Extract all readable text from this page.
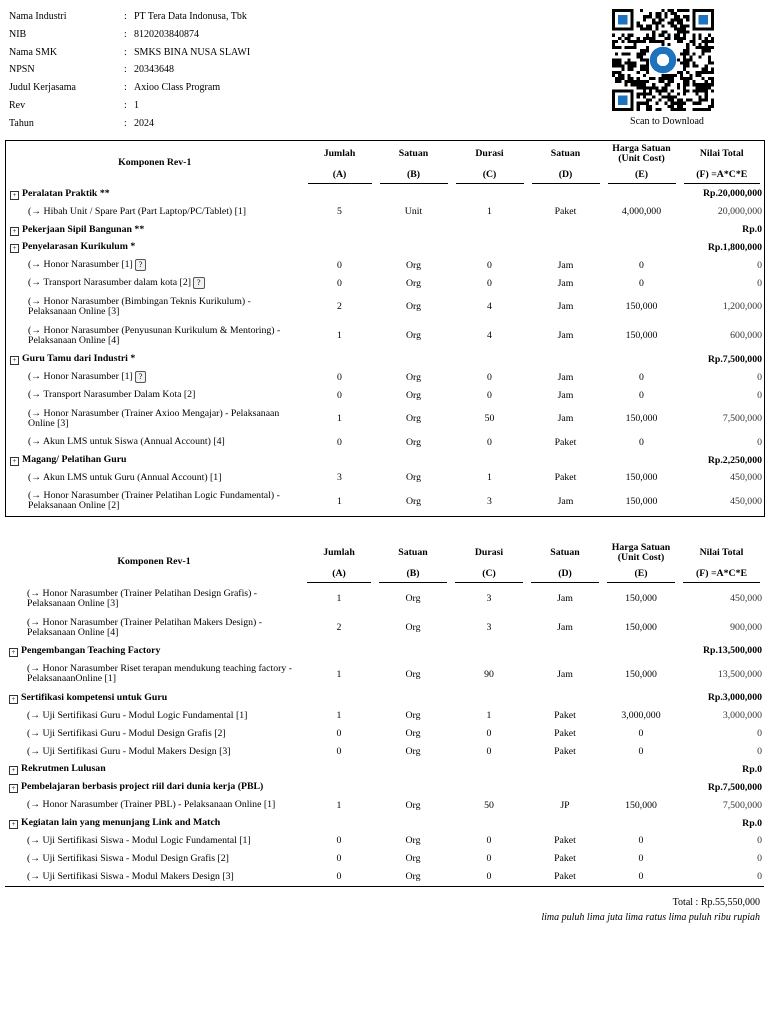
Nama Industri	: PT Tera Data Indonusa, Tbk
NIB	: 8120203840874
Nama SMK	: SMKS BINA NUSA SLAWI
NPSN	: 20343648
Judul Kerjasama	: Axioo Class Program
Rev	: 1
Tahun	: 2024	Scan to Download
Komponen Rev-1	Jumlah	Satuan	Durasi	Satuan	Harga Satuan
(Unit Cost)	Nilai Total

	(A)	(B)	(C)	(D)	(E)	(F) =A*C*E

+ Peralatan Praktik **						Rp.20,000,000
(→ Hibah Unit / Spare Part (Part Laptop/PC/Tablet) [1]	5	Unit	1	Paket	4,000,000	20,000,000
+ Pekerjaan Sipil Bangunan **						Rp.0
+ Penyelarasan Kurikulum *						Rp.1,800,000
(→ Honor Narasumber [1] ?	0	Org	0	Jam	0	0
(→ Transport Narasumber dalam kota [2] ?	0	Org	0	Jam	0	0
(→ Honor Narasumber (Bimbingan Teknis Kurikulum) - Pelaksanaan Online [3]	2	Org	4	Jam	150,000	1,200,000
(→ Honor Narasumber (Penyusunan Kurikulum & Mentoring) - Pelaksanaan Online [4]	1	Org	4	Jam	150,000	600,000
+ Guru Tamu dari Industri *						Rp.7,500,000
(→ Honor Narasumber [1] ?	0	Org	0	Jam	0	0
(→ Transport Narasumber Dalam Kota [2]	0	Org	0	Jam	0	0
(→ Honor Narasumber (Trainer Axioo Mengajar) - Pelaksanaan Online [3]	1	Org	50	Jam	150,000	7,500,000
(→ Akun LMS untuk Siswa (Annual Account) [4]	0	Org	0	Paket	0	0
+ Magang/ Pelatihan Guru						Rp.2,250,000
(→ Akun LMS untuk Guru (Annual Account) [1]	3	Org	1	Paket	150,000	450,000
(→ Honor Narasumber (Trainer Pelatihan Logic Fundamental) - Pelaksanaan Online [2]	1	Org	3	Jam	150,000	450,000
Komponen Rev-1	Jumlah	Satuan	Durasi	Satuan	Harga Satuan
(Unit Cost)	Nilai Total

	(A)	(B)	(C)	(D)	(E)	(F) =A*C*E

(→ Honor Narasumber (Trainer Pelatihan Design Grafis) - Pelaksanaan Online [3]	1	Org	3	Jam	150,000	450,000
(→ Honor Narasumber (Trainer Pelatihan Makers Design) - Pelaksanaan Online [4]	2	Org	3	Jam	150,000	900,000
+ Pengembangan Teaching Factory						Rp.13,500,000
(→ Honor Narasumber Riset terapan mendukung teaching factory - PelaksanaanOnline [1]	1	Org	90	Jam	150,000	13,500,000
+ Sertifikasi kompetensi untuk Guru						Rp.3,000,000
(→ Uji Sertifikasi Guru - Modul Logic Fundamental [1]	1	Org	1	Paket	3,000,000	3,000,000
(→ Uji Sertifikasi Guru - Modul Design Grafis [2]	0	Org	0	Paket	0	0
(→ Uji Sertifikasi Guru - Modul Makers Design [3]	0	Org	0	Paket	0	0
+ Rekrutmen Lulusan						Rp.0
+ Pembelajaran berbasis project riil dari dunia kerja (PBL)						Rp.7,500,000
(→ Honor Narasumber (Trainer PBL) - Pelaksanaan Online [1]	1	Org	50	JP	150,000	7,500,000
+ Kegiatan lain yang menunjang Link and Match						Rp.0
(→ Uji Sertifikasi Siswa - Modul Logic Fundamental [1]	0	Org	0	Paket	0	0
(→ Uji Sertifikasi Siswa - Modul Design Grafis [2]	0	Org	0	Paket	0	0
(→ Uji Sertifikasi Siswa - Modul Makers Design [3]	0	Org	0	Paket	0	0
Total : Rp.55,550,000
lima puluh lima juta lima ratus lima puluh ribu rupiah
